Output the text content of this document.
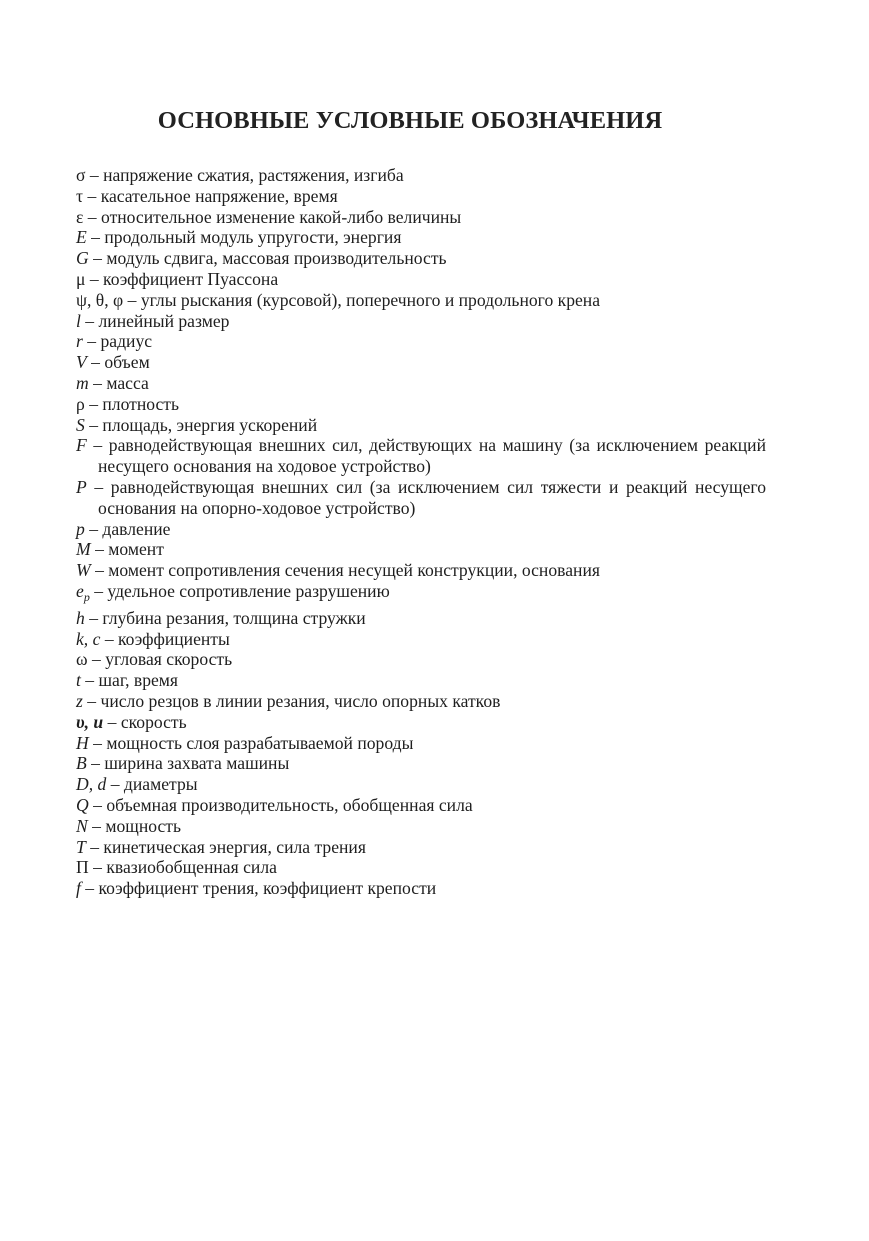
ОСНОВНЫЕ УСЛОВНЫЕ ОБОЗНАЧЕНИЯ
σ – напряжение сжатия, растяжения, изгиба
τ – касательное напряжение, время
ε – относительное изменение какой-либо величины
E – продольный модуль упругости, энергия
G – модуль сдвига, массовая производительность
μ – коэффициент Пуассона
ψ, θ, φ – углы рыскания (курсовой), поперечного и продольного крена
l – линейный размер
r – радиус
V – объем
m – масса
ρ – плотность
S – площадь, энергия ускорений
F – равнодействующая внешних сил, действующих на машину (за исключением реакций несущего основания на ходовое устройство)
P – равнодействующая внешних сил (за исключением сил тяжести и реакций несущего основания на опорно-ходовое устройство)
p – давление
M – момент
W – момент сопротивления сечения несущей конструкции, основания
$e_p$ – удельное сопротивление разрушению
h – глубина резания, толщина стружки
k, c – коэффициенты
ω – угловая скорость
t – шаг, время
z – число резцов в линии резания, число опорных катков
υ, u – скорость
H – мощность слоя разрабатываемой породы
B – ширина захвата машины
D, d – диаметры
Q – объемная производительность, обобщенная сила
N – мощность
T – кинетическая энергия, сила трения
П – квазиобобщенная сила
f – коэффициент трения, коэффициент крепости
